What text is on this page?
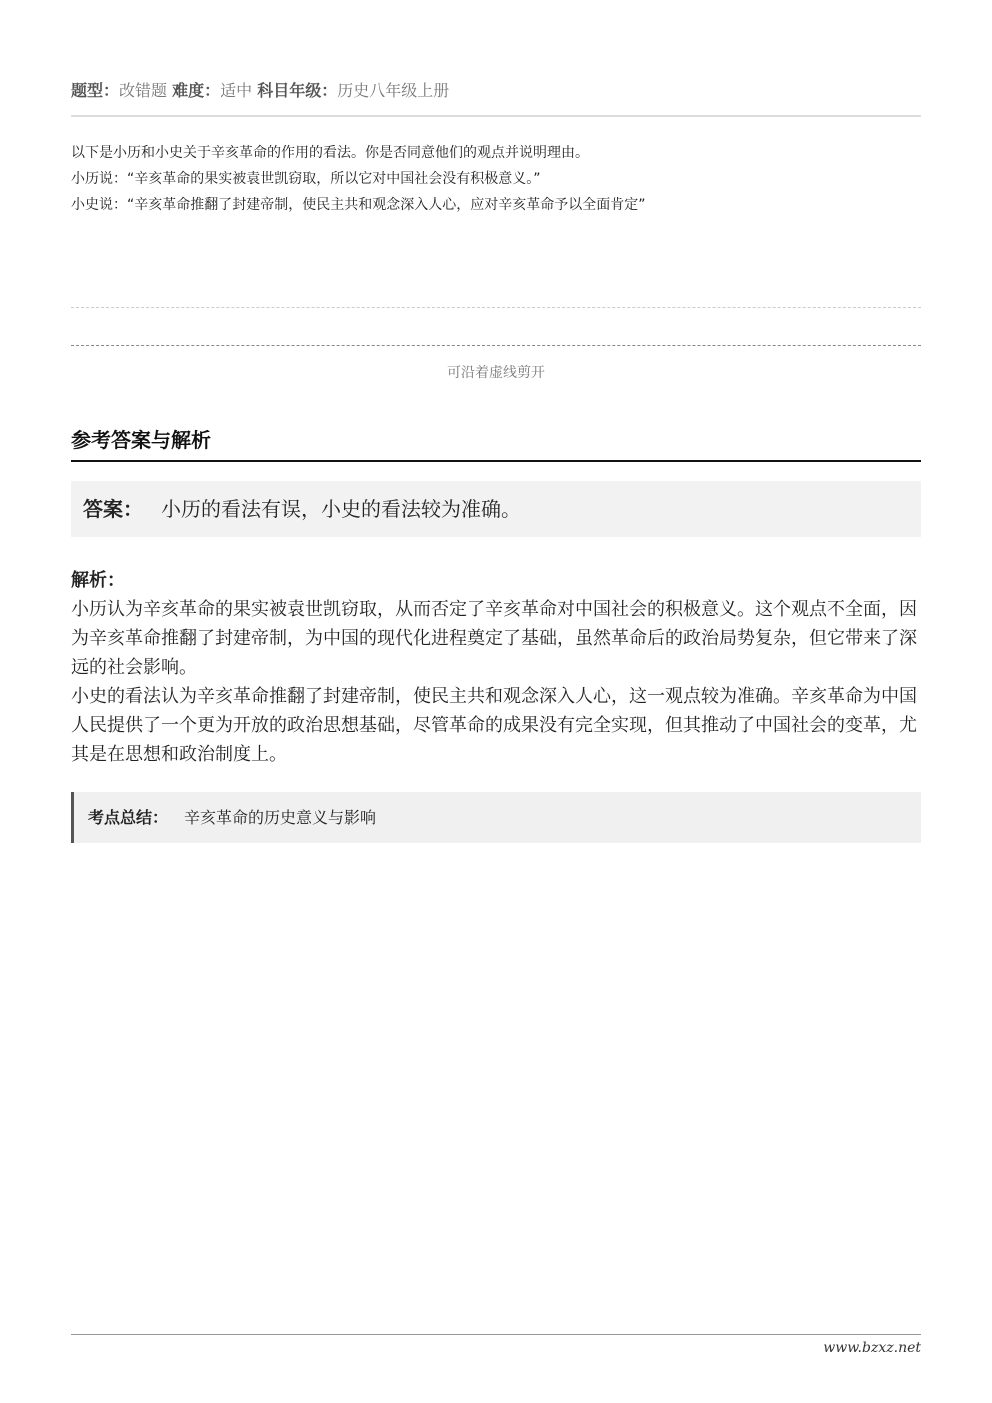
题型：改错题 难度：适中 科目年级：历史八年级上册
以下是小历和小史关于辛亥革命的作用的看法。你是否同意他们的观点并说明理由。
小历说：“辛亥革命的果实被袁世凯窃取，所以它对中国社会没有积极意义。”
小史说：“辛亥革命推翻了封建帝制，使民主共和观念深入人心，应对辛亥革命予以全面肯定”
可沿着虚线剪开
参考答案与解析
答案： 小历的看法有误，小史的看法较为准确。
解析：
小历认为辛亥革命的果实被袁世凯窃取，从而否定了辛亥革命对中国社会的积极意义。这个观点不全面，因为辛亥革命推翻了封建帝制，为中国的现代化进程奠定了基础，虽然革命后的政治局势复杂，但它带来了深远的社会影响。
小史的看法认为辛亥革命推翻了封建帝制，使民主共和观念深入人心，这一观点较为准确。辛亥革命为中国人民提供了一个更为开放的政治思想基础，尽管革命的成果没有完全实现，但其推动了中国社会的变革，尤其是在思想和政治制度上。
考点总结： 辛亥革命的历史意义与影响
www.bzxz.net
